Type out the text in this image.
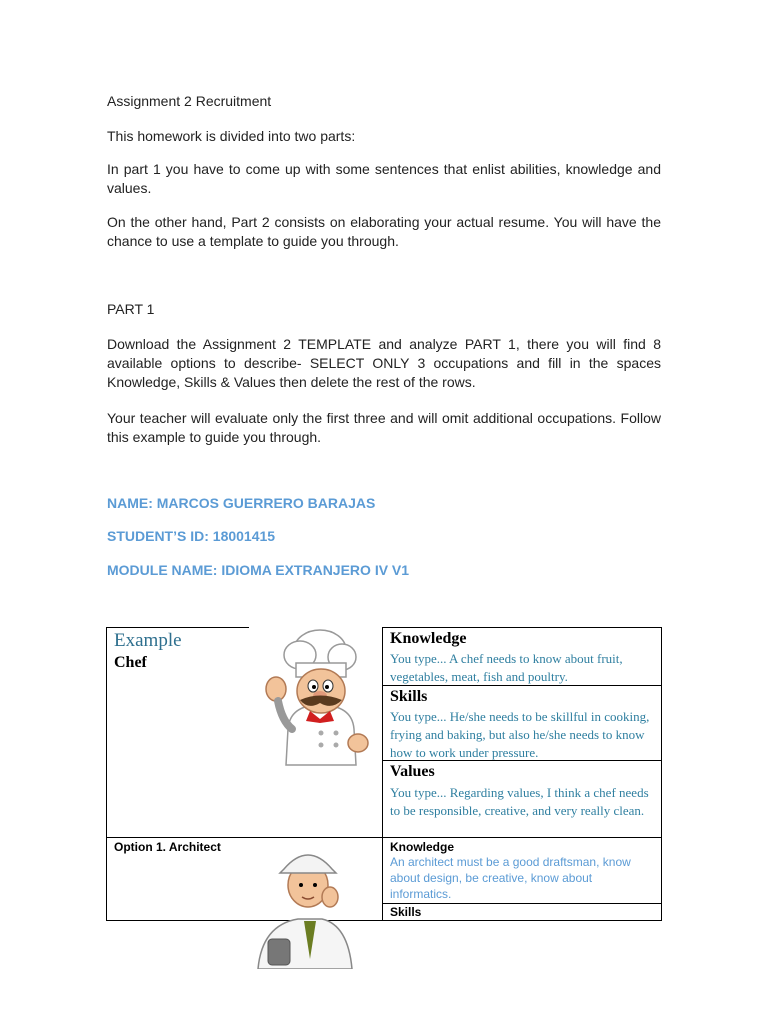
Assignment 2 Recruitment

This homework is divided into two parts:

In part 1 you have to come up with some sentences that enlist abilities, knowledge and values.

On the other hand, Part 2 consists on elaborating your actual resume. You will have the chance to use a template to guide you through.

PART 1

Download the Assignment 2 TEMPLATE and analyze PART 1, there you will find 8 available options to describe- SELECT ONLY 3 occupations and fill in the spaces Knowledge, Skills & Values then delete the rest of the rows.

Your teacher will evaluate only the first three and will omit additional occupations. Follow this example to guide you through.

NAME: MARCOS GUERRERO BARAJAS

STUDENT’S ID: 18001415

MODULE NAME: IDIOMA EXTRANJERO IV V1

Example
Chef
Knowledge
You type... A chef needs to know about fruit, vegetables, meat, fish and poultry.
Skills
You type... He/she needs to be skillful in cooking, frying and baking, but also he/she needs to know how to work under pressure.
Values
You type... Regarding values, I think a chef needs to be responsible, creative, and very really clean.
Option 1. Architect	Knowledge
An architect must be a good draftsman, know about design, be creative, know about informatics.
Skills
